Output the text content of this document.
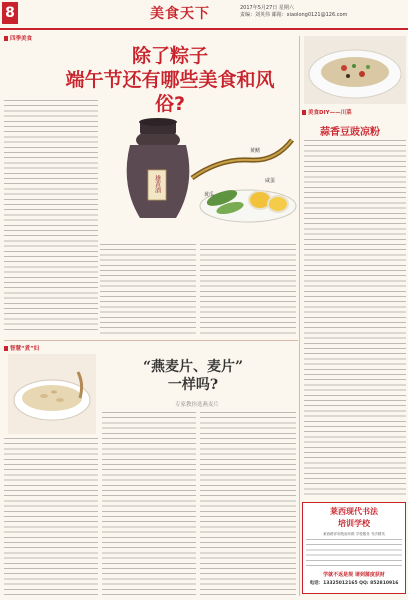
8	美食天下	2017年5月27日 星期六
责编：刘英伟 邮箱：xiaolong0121@126.com
四季美食
除了粽子
端午节还有哪些美食和风俗?
雄黄酒
黄鳝
黄瓜
咸蛋
美食DIY——川菜
蒜香豆豉凉粉
莱西现代书法
培训学校
莱西路祥和苑南东路 学校服务 书法精英
学就不返是规 请到蒲度获财
电话：13325012165 QQ: 852810916
智慧“煮”妇
“燕麦片、麦片”
一样吗?
专家教你选燕麦片
